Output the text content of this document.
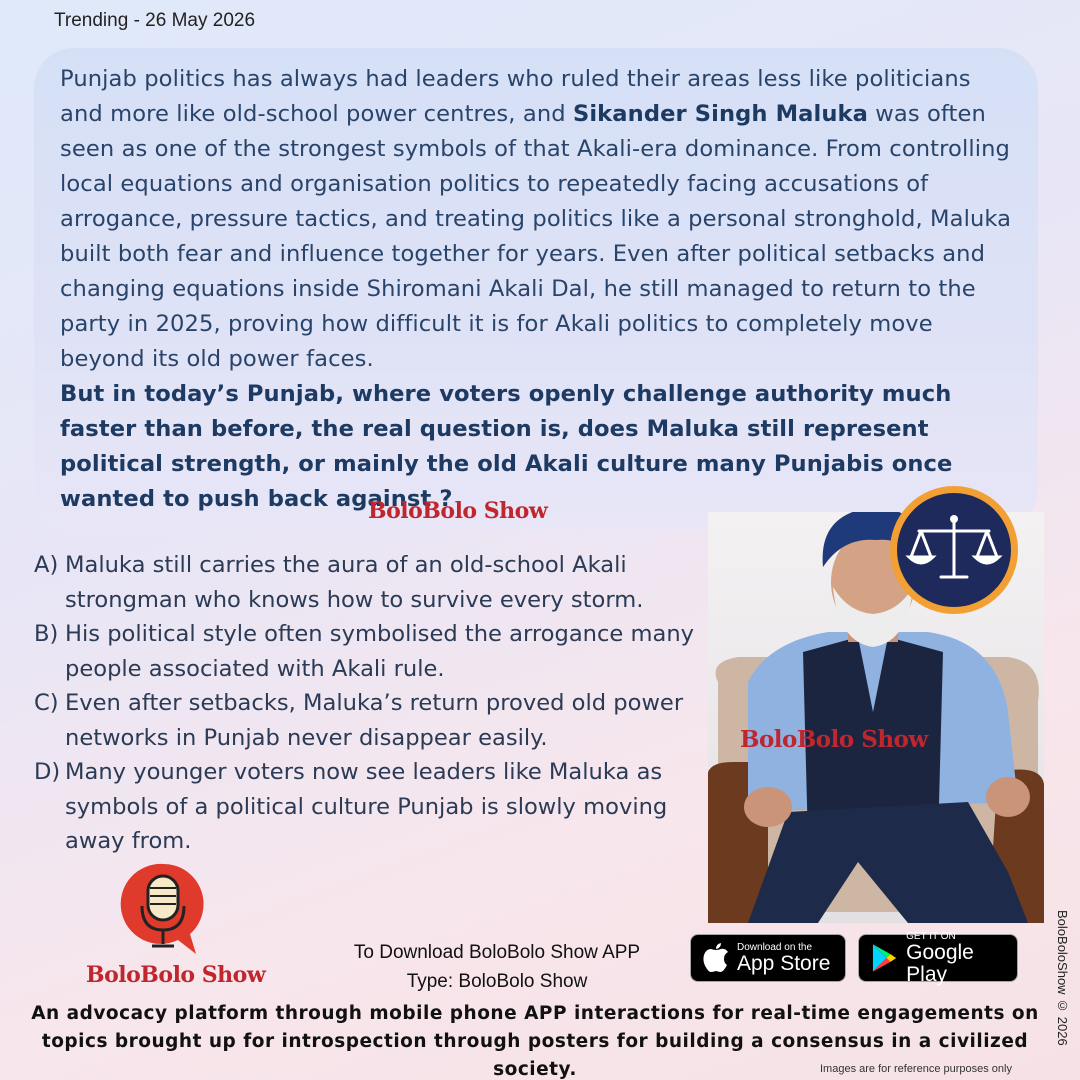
Trending - 26 May 2026

Punjab politics has always had leaders who ruled their areas less like politicians and more like old-school power centres, and Sikander Singh Maluka was often seen as one of the strongest symbols of that Akali-era dominance. From controlling local equations and organisation politics to repeatedly facing accusations of arrogance, pressure tactics, and treating politics like a personal stronghold, Maluka built both fear and influence together for years. Even after political setbacks and changing equations inside Shiromani Akali Dal, he still managed to return to the party in 2025, proving how difficult it is for Akali politics to completely move beyond its old power faces.

But in today’s Punjab, where voters openly challenge authority much faster than before, the real question is, does Maluka still represent political strength, or mainly the old Akali culture many Punjabis once wanted to push back against ?

BoloBolo Show
A) Maluka still carries the aura of an old-school Akali strongman who knows how to survive every storm.
B) His political style often symbolised the arrogance many people associated with Akali rule.
C) Even after setbacks, Maluka’s return proved old power networks in Punjab never disappear easily.
D) Many younger voters now see leaders like Maluka as symbols of a political culture Punjab is slowly moving away from.
BoloBolo Show
BoloBoloShow © 2026
BoloBolo Show
To Download BoloBolo Show APP
Type: BoloBolo Show
Download on the
App Store
GET IT ON
Google Play
An advocacy platform through mobile phone APP interactions for real-time engagements on topics brought up for introspection through posters for building a consensus in a civilized society.	Images are for reference purposes only
